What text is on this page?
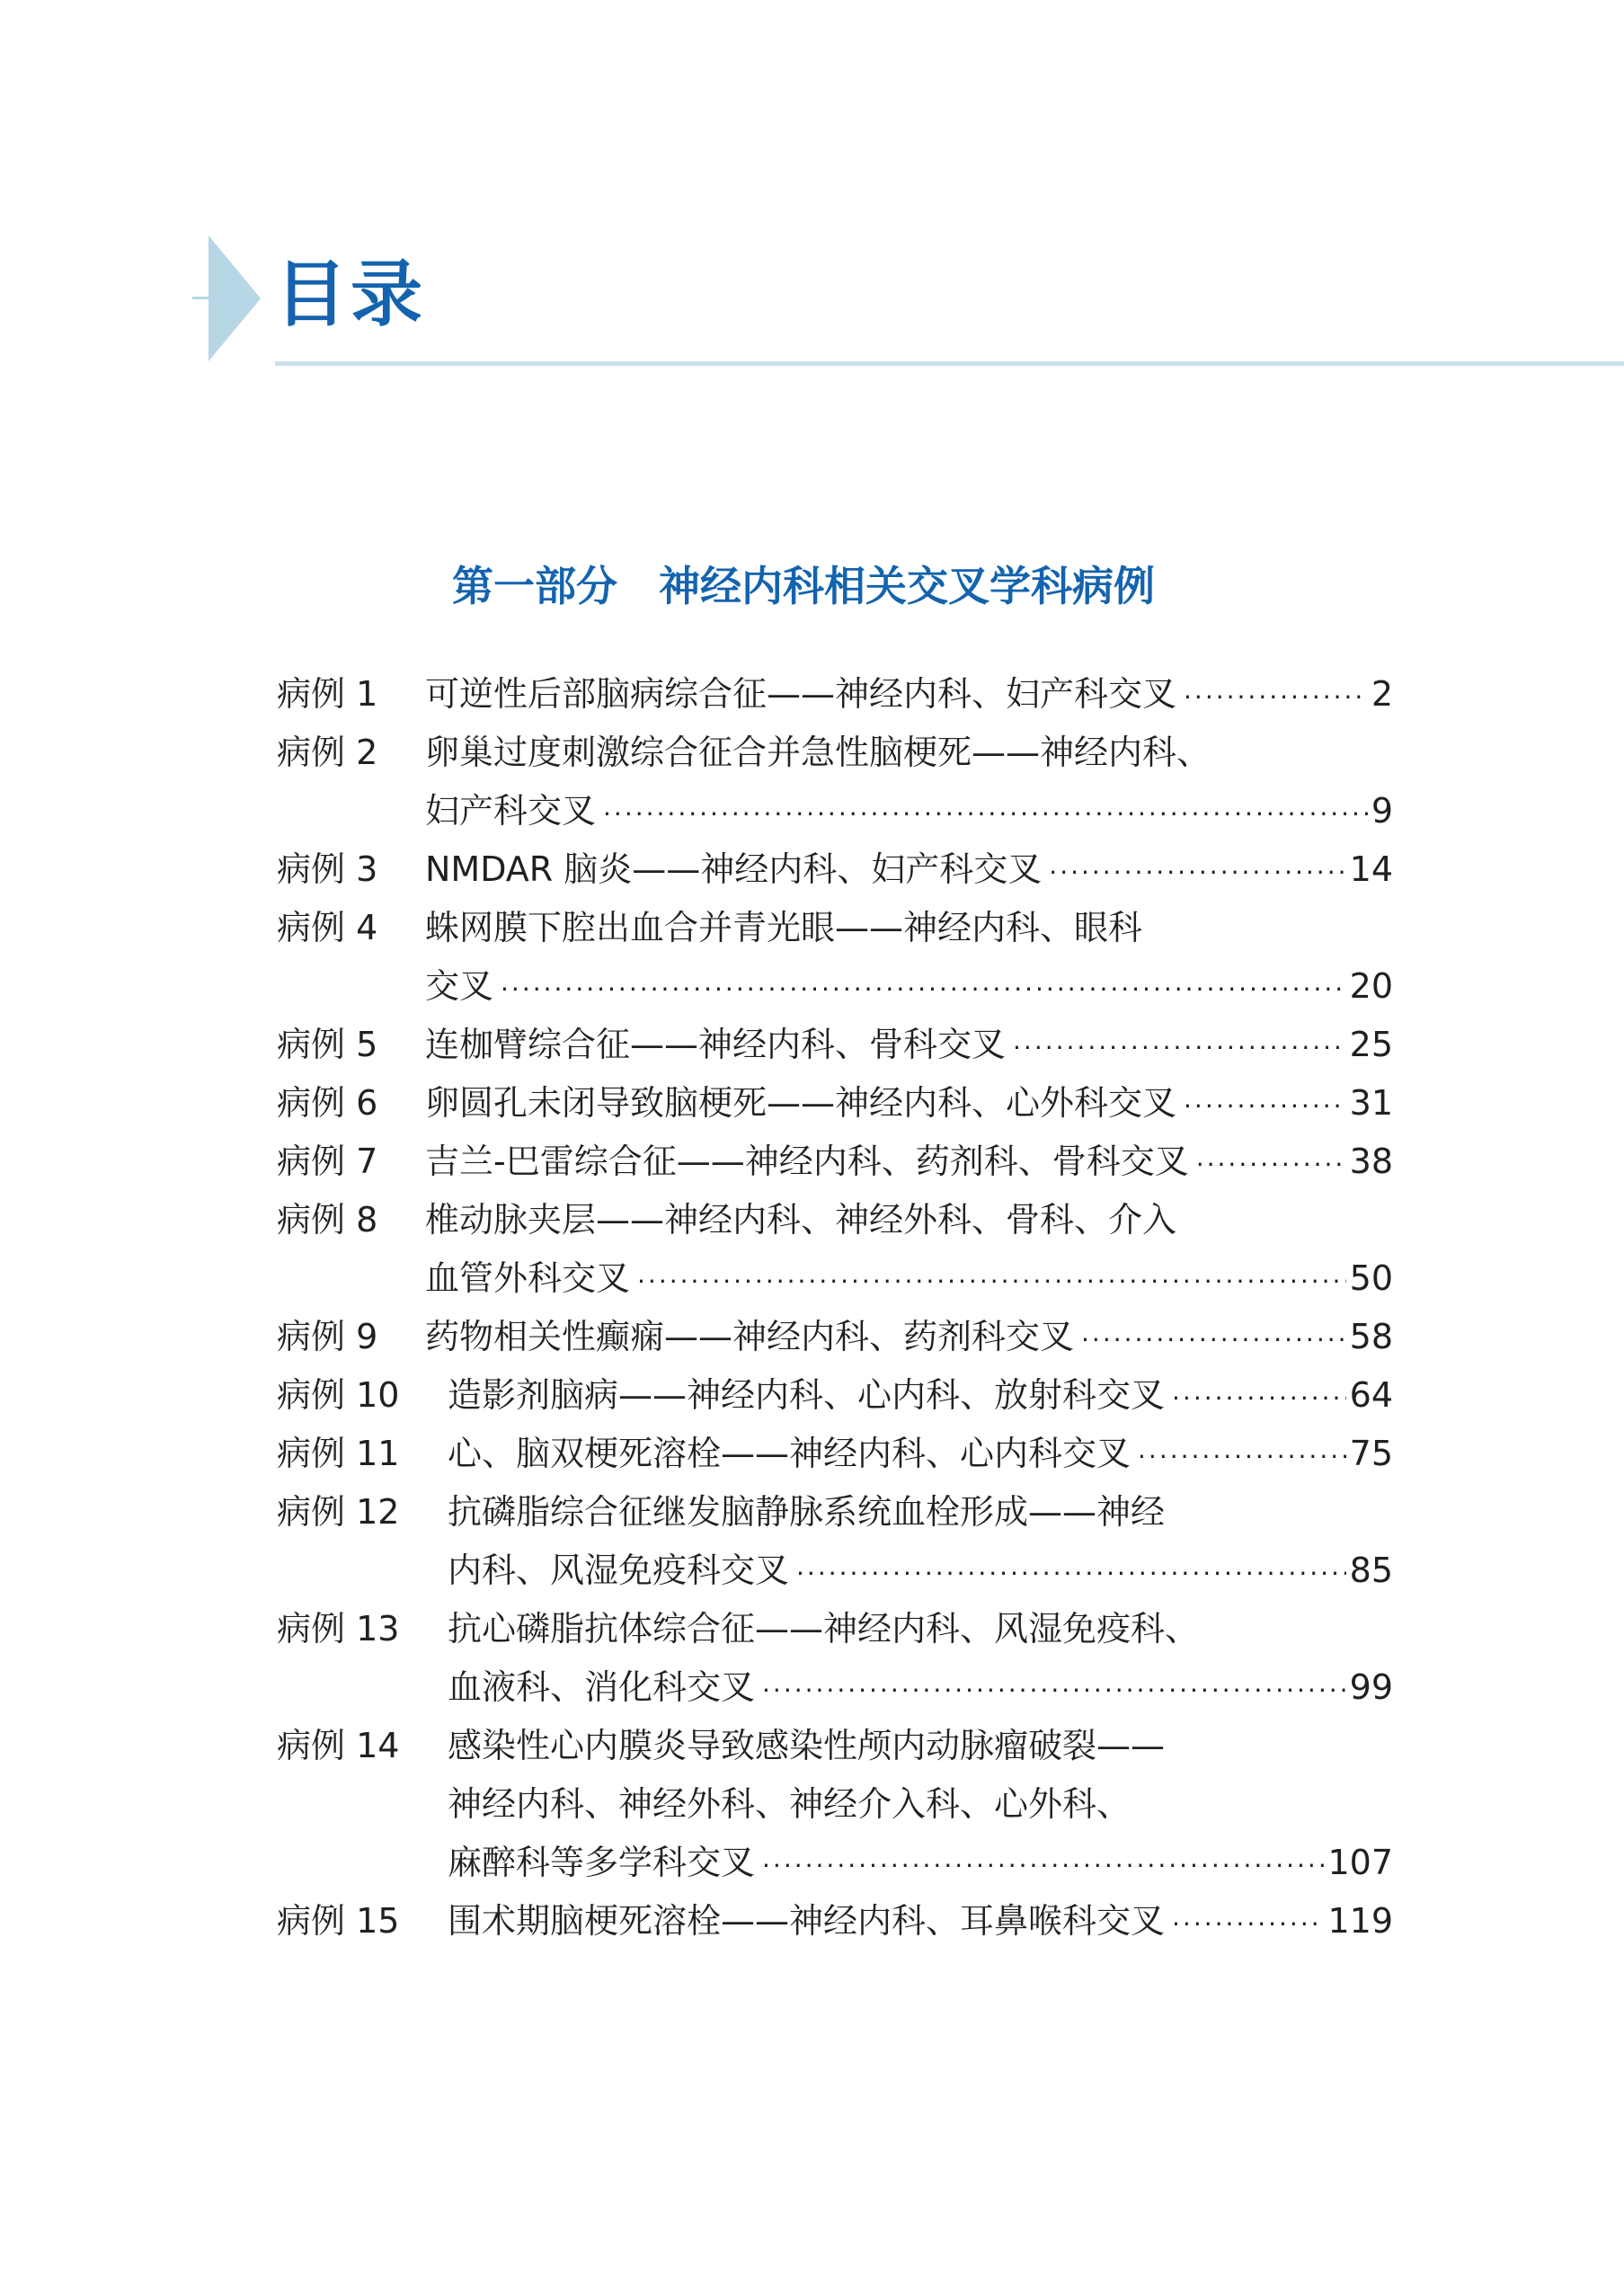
目录
第一部分　神经内科相关交叉学科病例
病例 1 可逆性后部脑病综合征——神经内科、妇产科交叉 ·····	2
病例 2 卵巢过度刺激综合征合并急性脑梗死——神经内科、
妇产科交叉 ·····	9
病例 3 NMDAR 脑炎——神经内科、妇产科交叉 ·····	14
病例 4 蛛网膜下腔出血合并青光眼——神经内科、眼科
交叉 ·····	20
病例 5 连枷臂综合征——神经内科、骨科交叉 ·····	25
病例 6 卵圆孔未闭导致脑梗死——神经内科、心外科交叉 ·····	31
病例 7 吉兰-巴雷综合征——神经内科、药剂科、骨科交叉 ·····	38
病例 8 椎动脉夹层——神经内科、神经外科、骨科、介入
血管外科交叉 ·····	50
病例 9 药物相关性癫痫——神经内科、药剂科交叉 ·····	58
病例 10 造影剂脑病——神经内科、心内科、放射科交叉 ·····	64
病例 11 心、脑双梗死溶栓——神经内科、心内科交叉 ·····	75
病例 12 抗磷脂综合征继发脑静脉系统血栓形成——神经
内科、风湿免疫科交叉 ·····	85
病例 13 抗心磷脂抗体综合征——神经内科、风湿免疫科、
血液科、消化科交叉 ·····	99
病例 14 感染性心内膜炎导致感染性颅内动脉瘤破裂——
神经内科、神经外科、神经介入科、心外科、
麻醉科等多学科交叉 ·····	107
病例 15 围术期脑梗死溶栓——神经内科、耳鼻喉科交叉 ·····	119
